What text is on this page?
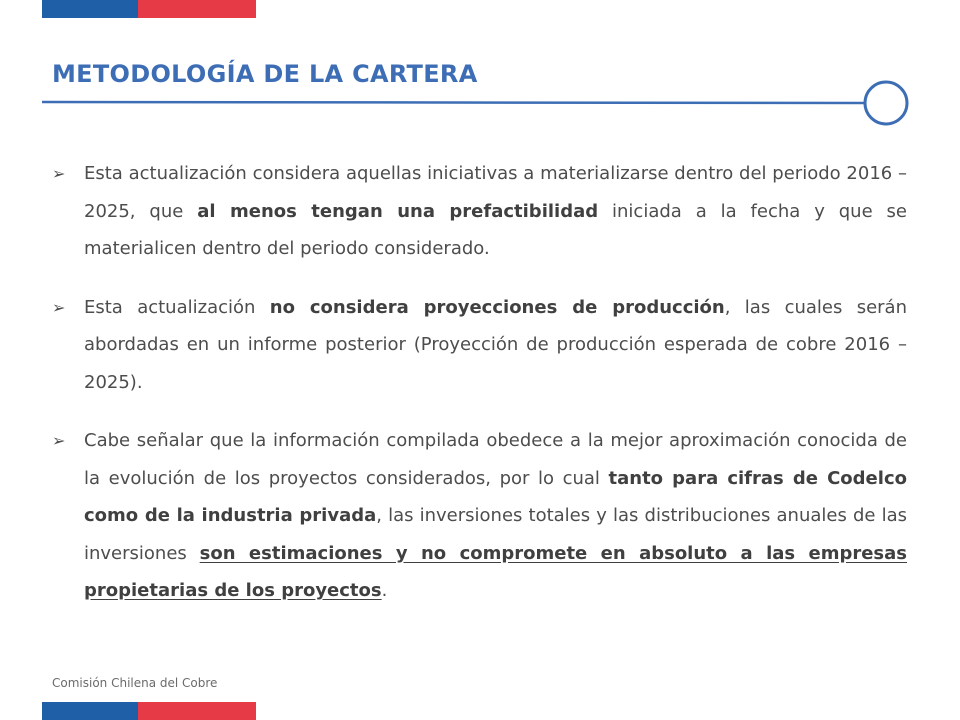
METODOLOGÍA DE LA CARTERA
➢	Esta actualización considera aquellas iniciativas a materializarse dentro del periodo 2016 – 2025, que al menos tengan una prefactibilidad iniciada a la fecha y que se materialicen dentro del periodo considerado.

➢	Esta actualización no considera proyecciones de producción, las cuales serán abordadas en un informe posterior (Proyección de producción esperada de cobre 2016 – 2025).

➢	Cabe señalar que la información compilada obedece a la mejor aproximación conocida de la evolución de los proyectos considerados, por lo cual tanto para cifras de Codelco como de la industria privada, las inversiones totales y las distribuciones anuales de las inversiones son estimaciones y no compromete en absoluto a las empresas propietarias de los proyectos.

Comisión Chilena del Cobre
